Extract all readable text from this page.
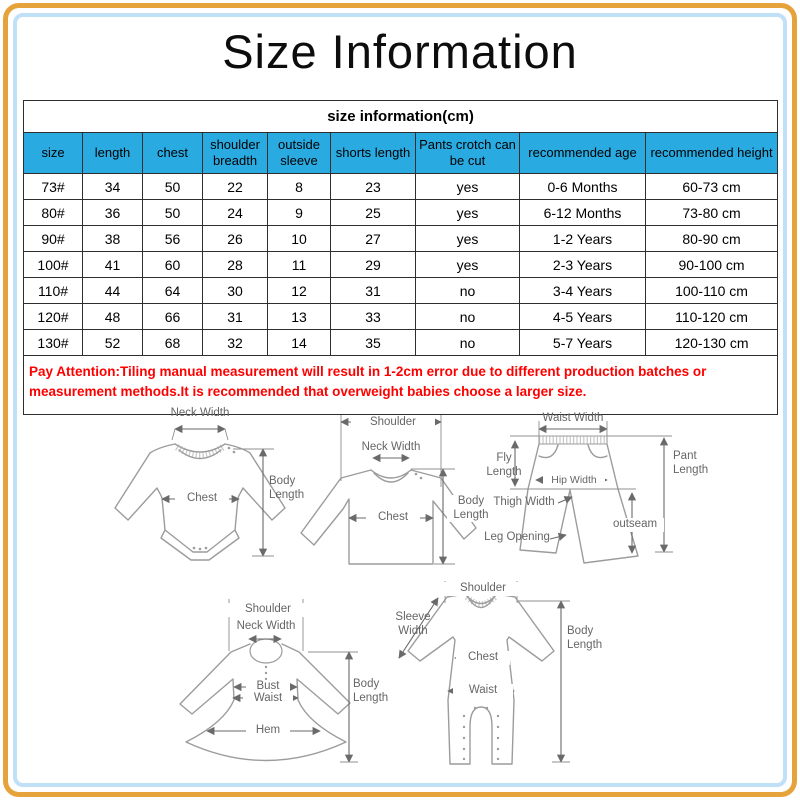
Size Information
size information(cm)								
size	length	chest	shoulder breadth	outside sleeve	shorts length	Pants crotch can be cut	recommended age	recommended height
73#	34	50	22	8	23	yes	0-6 Months	60-73 cm
80#	36	50	24	9	25	yes	6-12 Months	73-80 cm
90#	38	56	26	10	27	yes	1-2 Years	80-90 cm
100#	41	60	28	11	29	yes	2-3 Years	90-100 cm
110#	44	64	30	12	31	no	3-4 Years	100-110 cm
120#	48	66	31	13	33	no	4-5 Years	110-120 cm
130#	52	68	32	14	35	no	5-7 Years	120-130 cm
Pay Attention:Tiling manual measurement will result in 1-2cm error due to different production batches or measurement methods.It is recommended that overweight babies choose a larger size.								
Neck Width
Chest
Body Length
Shoulder
Neck Width
Chest
Body Length
Waist Width
Fly Length
Hip Width
Thigh Width
Leg Opening
outseam
Pant Length
Shoulder
Neck Width
Bust
Waist
Hem
Body Length
Shoulder
Sleeve Width
Chest
Waist
Body Length
